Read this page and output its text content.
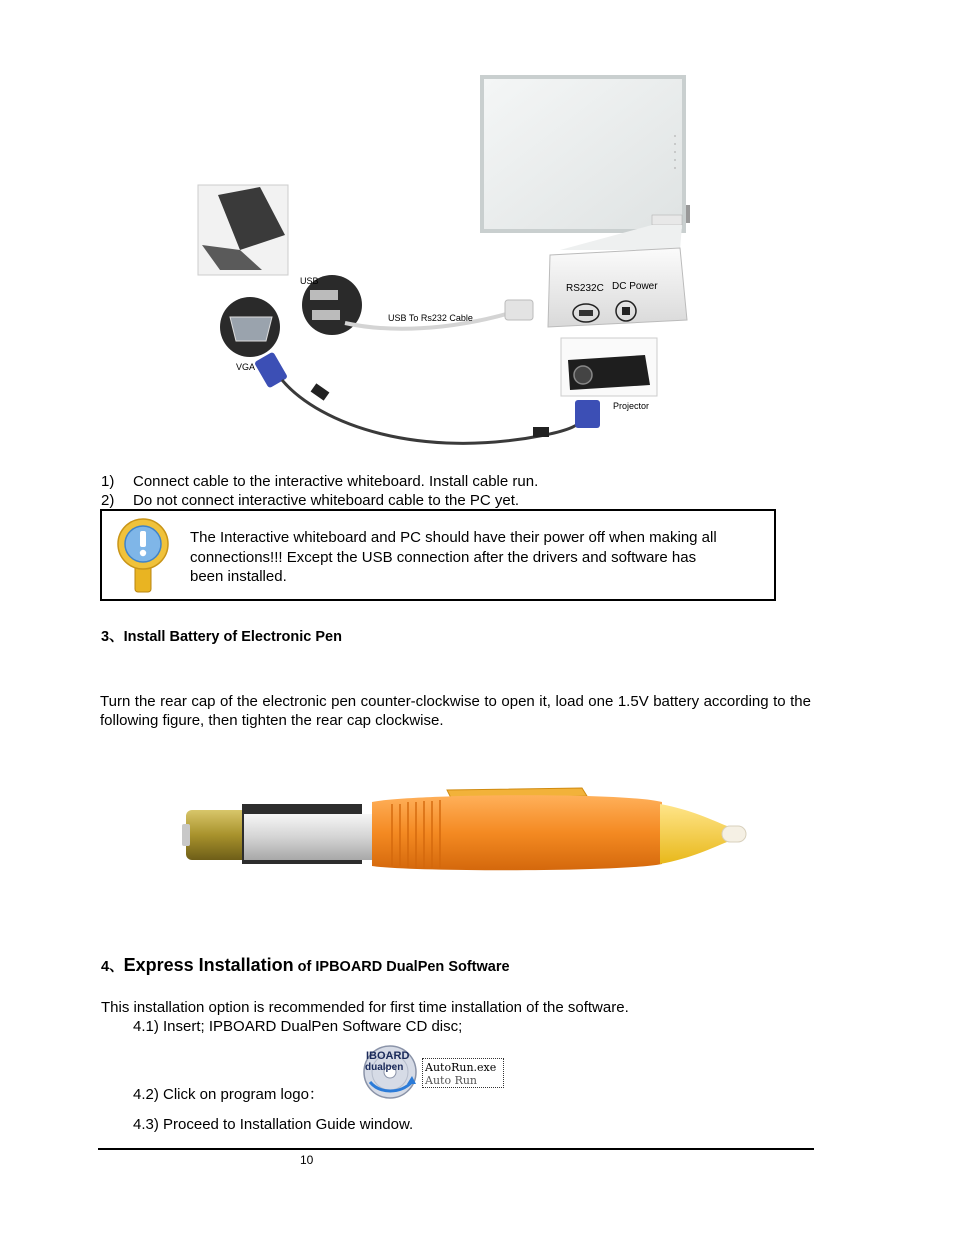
USB
USB To Rs232 Cable
RS232C DC Power
VGA
Projector
1) Connect cable to the interactive whiteboard. Install cable run.
2) Do not connect interactive whiteboard cable to the PC yet.
The Interactive whiteboard and PC should have their power off when making all
connections!!! Except the USB connection after the drivers and software has
been installed.
3、Install Battery of Electronic Pen
Turn the rear cap of the electronic pen counter-clockwise to open it, load one 1.5V battery according to the following figure, then tighten the rear cap clockwise.
4、Express Installation of IPBOARD DualPen Software
This installation option is recommended for first time installation of the software.
4.1) Insert; IPBOARD DualPen Software CD disc;
IBOARD
dualpen AutoRun.exe
Auto Run
4.2) Click on program logo：
4.3) Proceed to Installation Guide window.
10
